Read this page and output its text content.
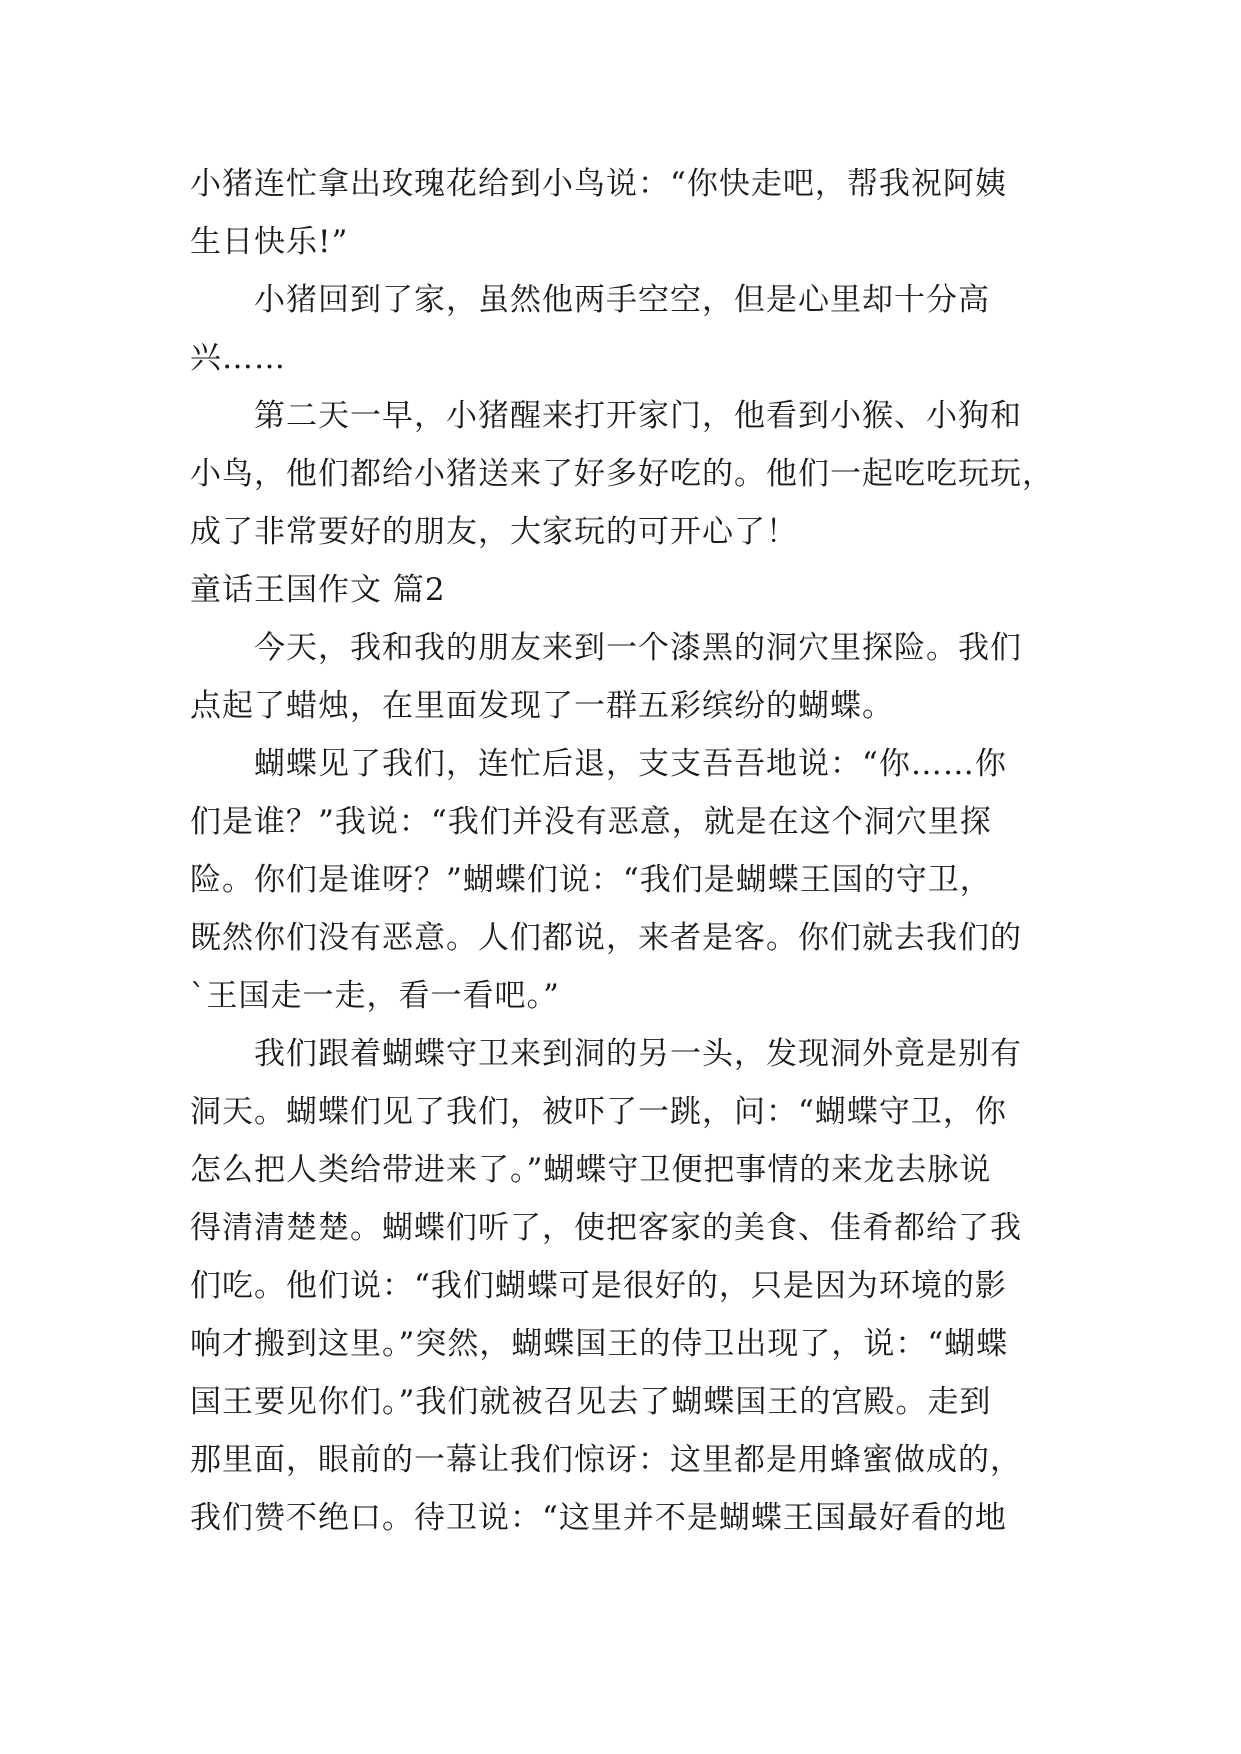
小猪连忙拿出玫瑰花给到小鸟说：“你快走吧，帮我祝阿姨
生日快乐!”
　　小猪回到了家，虽然他两手空空，但是心里却十分高
兴……
　　第二天一早，小猪醒来打开家门，他看到小猴、小狗和
小鸟，他们都给小猪送来了好多好吃的。他们一起吃吃玩玩，
成了非常要好的朋友，大家玩的可开心了！
童话王国作文 篇2
　　今天，我和我的朋友来到一个漆黑的洞穴里探险。我们
点起了蜡烛，在里面发现了一群五彩缤纷的蝴蝶。
　　蝴蝶见了我们，连忙后退，支支吾吾地说：“你……你
们是谁？”我说：“我们并没有恶意，就是在这个洞穴里探
险。你们是谁呀？”蝴蝶们说：“我们是蝴蝶王国的守卫，
既然你们没有恶意。人们都说，来者是客。你们就去我们的
`王国走一走，看一看吧。”
　　我们跟着蝴蝶守卫来到洞的另一头，发现洞外竟是别有
洞天。蝴蝶们见了我们，被吓了一跳，问：“蝴蝶守卫，你
怎么把人类给带进来了。”蝴蝶守卫便把事情的来龙去脉说
得清清楚楚。蝴蝶们听了，使把客家的美食、佳肴都给了我
们吃。他们说：“我们蝴蝶可是很好的，只是因为环境的影
响才搬到这里。”突然，蝴蝶国王的侍卫出现了，说：“蝴蝶
国王要见你们。”我们就被召见去了蝴蝶国王的宫殿。走到
那里面，眼前的一幕让我们惊讶：这里都是用蜂蜜做成的，
我们赞不绝口。待卫说：“这里并不是蝴蝶王国最好看的地
